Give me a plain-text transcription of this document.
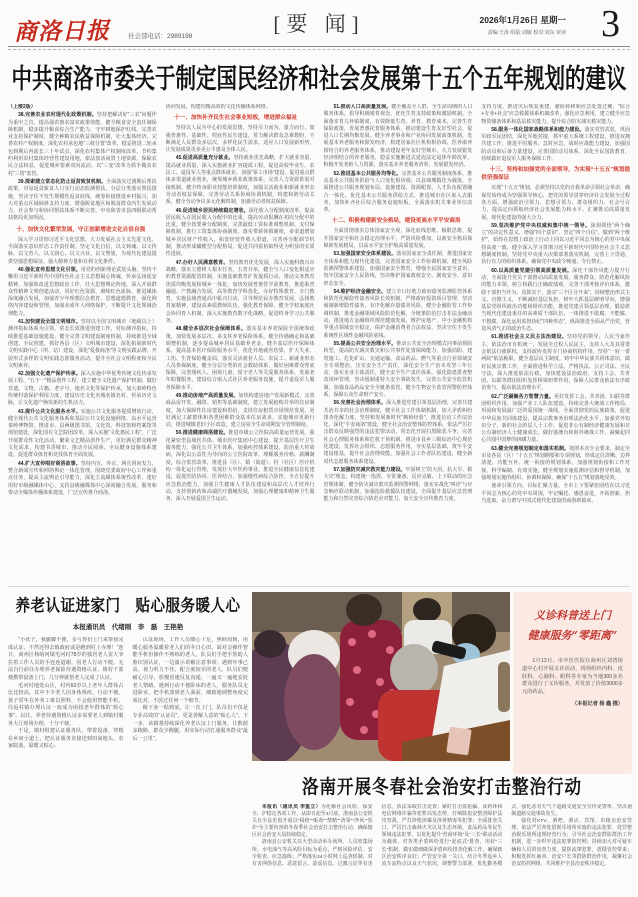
商洛日报	社会部电话：2989198
[要 闻]	2026年1月26日 星期一
责编:王涛 组版:刘敏 校对:刘东 审读 3
中共商洛市委关于制定国民经济和社会发展第十五个五年规划的建议
（上接2版）
38.完善农业农村现代化政策机制。坚持把解决好“三农”问题作为重中之首，提高强农惠农富农政策效能，健全粮食安全责任制保障机制，稳步提升粮食综合生产能力，守牢耕地保护红线。完善农业支持保护制度，健全种粮农民收益保障机制，壮大集体经济。完善农村产权制度，深化农村承包地“三权分置”改革，稳妥推进二轮承包到期后再延长三十年试点，深化农村集体产权制度改革，节约集约利用农村集体经营性建设用地，依法盘活闲置土地资源，保障农民合法权益，促进城乡要素双向流动。以“三变”改革为抓手做实农村“三资”监管。
39.探索建立常态化防止返贫致贫机制。全面落实过渡期后帮扶政策，对易返贫致贫人口实行动态监测帮扶，分层分类落实帮扶措施，坚决守住不发生规模性返贫底线，统筹衔接推进乡村振兴，加大对重点区域倾斜支持力度，增强脱贫地区和脱贫群众内生发展动力，社会参与和协同帮扶体系不断完善，中央和省市县四级联动帮扶格局更加巩固。
十、加快文化繁荣发展，守正创新增进文化自信自强
深入学习贯彻习近平文化思想，大力发展社会主义先进文化，全面落实意识形态工作责任制，坚定文化自信，以文铸魂、以文传脉、以文育人、以文润心、以文兴业、以文塑旅，为现代化建设提供坚强思想保证、强大精神力量和有利文化条件。
40.强化宣传思想文化引领。用党的创新理论武装头脑，坚持不懈用习近平新时代中国特色社会主义思想凝心铸魂，传承弘扬延安精神，加强和改进思想政治工作，壮大思想舆论阵地，深入开展群众性精神文明创建活动，用好红色资源，赓续红色血脉，推进媒体深度融合发展，加强青少年理想信念教育、思想道德教育，强化网络内容建设和管理，加强未成年人网络保护，不断提升文化领域治理能力。
41.加快建设全国文明城市。坚持以全国文明城市（地级以上）测评指标体系为引领，常态长效推进创建工作，对标测评指标，持续推进基础设施建设，健全完善文明建设制度机制，持续推进全域创建、全民创建，抓好各县（区）文明城市建设，深化拓展新时代文明实践中心（所、站）建设，深化“爱我商洛”等文明实践品牌，开展形式多样的文明实践志愿服务活动，提升全社会文明程度和全民文明素养。
42.加强文化遗产保护传承。深入实施中华优秀传统文化传承发展工程、“五个一”精品创作工程，建立健全文化遗产保护机制，做好非遗、文物、古籍、老字号、地名文化等保护传承，加大秦岭特色传统村落保护利用力度，建设历史文化名城名镇名村，传承历史文脉，让文化遗产焕发新的生机活力。
43.提升公共文化服务水平。实施公共文化服务提质增效行动，健全现代公共文化服务体系和基层公共文化设施网络，高水平运营秦岭博物馆，推进市、县两级图书馆、文化馆、科技馆和档案馆等场馆建设，深化国有文艺院团改革，深入实施“文化惠民工程”，广泛开展群众性文化活动，繁荣文艺精品创作生产，更好满足群众精神文化需求，构建书香城市，推动全民阅读、全民健身设施体系建设，促进群众体育和竞技体育全面发展。
44.扩大宣传唱好商洛故事。坚持内宣、外宣、网宣同向发力，整合新闻宣传和网络舆论一体化管理，围绕党委政府中心工作和重点任务，提高主流舆论引导能力，深化主流媒体系统性改革，建好用好市级融媒体中心，支持县级融媒体中心深度融合发展，服务和带动全媒体传播体系建设，广泛宣传推介商洛。
协同发展，构建均衡高效的文化传播体系网络。
十一、加快补齐民生社会事业短板，增进群众福祉
坚持以人民为中心的发展思想，坚持尽力而为、量力而行，加强普惠性、基础性、兜底性民生建设，着力解决群众急难愁盼，不断满足人民群众多层次、多样化民生需求，适应人口发展新形势，让发展成果更多更公平惠及全体人民。
45.促进高质量充分就业。坚持就业优先战略，扩大就业容量，提高就业质量，深入实施就业扩容提质工程，促进高校毕业生、农民工、退役军人等重点群体就业，加强“零工市场”建设，促进重点群体多渠道就业创业，统筹城乡就业政策体系，完善人力资源供需对接机制，健全终身职业技能培训制度，加强灵活就业和新就业形态劳动者权益保障，完善劳动关系协商协调机制，构建和谐劳动关系，健全劳动争议多元化解机制，加强劳动者权益保障。
46.促进城乡居民持续稳定增收。深化收入分配制度改革，提高居民收入在国民收入分配中的比重，提高劳动报酬在初次分配中的比重，健全按要素分配制度，完善最低工资标准调整机制、支付保障机制，推行工资集体协商制度，落实带薪休假制度，多渠道增加城乡居民财产性收入，拓宽经营性收入渠道，完善再分配调节机制，推动形成橄榄型分配格局，促进共同富裕取得更为明显的实质性进展。
47.办好人民满意教育。坚持教育优先发展，深入实施科教兴市战略，落实立德树人根本任务，五育并举，健全与人口变化相适应的教育资源配置机制，实施基础教育扩优提质行动，推动义务教育优质均衡发展和城乡一体化，加快发展普惠性学前教育，推进职普融通、产教融合发展，高等教育学科优化，办好特殊教育、专门教育，实施县域普通高中振兴行动，引导规范民办教育发展，弘扬教育家精神，建设高素质教师队伍，强化教育保障，健全学校家庭社会协同育人机制，深入实施教育数字化战略，促进终身学习公共服务。
48.健全多层次社会保障体系。落实基本养老保险全国统筹政策，加快发展多层次、多支柱养老保险体系，健全待遇确定和基础调整机制，逐步提高城乡居民基础养老金，健全基层医疗保障体系，提高基本医疗保险服务水平，优化异地就医结算，扩大失业、工伤、生育保险覆盖面，落实灵活就业人员、农民工、新就业形态人员参保制度，健全分层分类的社会救助体系，做好困难群众兜底保障，完善残疾人、困境儿童、留守老人等关爱服务体系，发展老年助餐服务，建设综合嵌入式社区养老服务设施，提升退役军人服务保障水平。
49.推动房地产高质量发展。加快构建房地产发展新模式，完善商品房开发、融资、销售等基础制度，建立发展租购并举的住房制度，加大保障性住房建设和供给，支持住房租赁市场规范发展，更好满足工薪群体和各类困难群众基本住房需求，实施城市更新行动，推进城镇老旧小区改造，建立房屋全生命周期安全管理制度。
50.推进健康商洛建设。推进市级公立医院高质量运营发展，强化紧密型县域医共体、城市医疗集团中心建设，提升基层医疗卫生服务能力，强化公共卫生体系，加强疾控体系建设，防治重大传染病，深化以公益性为导向的公立医院改革，理顺服务价格、薪酬制度，综合监管改革，推进县（区）、镇（街道）、村（社区）医疗机构一体化运行管理，发展壮大中医药事业，推进全民健康信息化建设，促进医防协同、医养结合，加强慢性病综合防控，全方位提升应急救治能力，加强卫生健康人才队伍建设和高层次人才培养行动，支持创新药和高端医疗器械发展，加强心理健康和精神卫生服务，深入开展爱国卫生运动。
51.推动人口高质量发展。健全覆盖全人群、全生命周期的人口服务体系，倡导积极婚育观念，优化生育支持政策和激励机制，全面落实育儿补贴制度，有效降低生育、养育、教育成本，完善生育保险政策，发展普惠托育服务体系，推动建设生育友好型社会，促进人口长期均衡发展。健全养老事业和产业协同发展政策机制，发展基本养老服务和银发经济，构建居家社区机构相协调、医养康养相结合的养老服务体系，推动建设老年友好型城市，大力发展银发经济相结合的养老服务，稳妥实施渐进式延迟法定退休年龄改革，积极开发老龄人力资源，落实基本养老服务清单，发展银发经济。
52.推进基本公共服务均等化。完善基本公共服务制度体系，推动基本公共服务供给与人口变化相协调，以县域城镇化为载体，全面推进公共服务规划布局、设施建设、资源配置、人才队伍配置融合一体化，优化基本公共服务供给方式，推进城市社区嵌入式服务，加快补齐社区综合服务设施短板，全面落实机关事业单位改革。
十二、积极构建新安全格局，建设更高水平平安商洛
全面贯彻落实总体国家安全观，深化底线思维、极限思维，提升国家安全和社会稳定治理水平，严防风险叠加，以新安全格局保障新发展格局，以高水平安全护航高质量发展。
53.加强国家安全体系建设。落实国家安全责任制，推进国家安全体系和能力现代化建设，完善国家安全工作协调机制，健全风险监测预警体系建设，加强国家安全教育，增强全民国家安全意识，筑牢国家安全人民防线，坚决维护国家政权安全、制度安全、意识形态安全。
54.维护经济金融安全。建立全口径地方政府债务监测监管体系和防范化解隐性债务风险长效机制，严格政府投资项目管理，坚决遏制新增隐性债务，有序化解存量债务风险，健全金融监管工作协调机制，推进金融领域风险防范化解，全链条防范打击非法金融活动，推进地方金融组织规范健康发展，维护房地产、中小金融机构等重点领域安全稳定，保护金融消费者合法权益，坚决守住不发生系统性区域性金融风险底线。
55.提高公共安全治理水平。推动公共安全治理模式向事前预防转型，提高防灾减灾救灾和公共事件处置保障能力，加强消防、建筑施工、危化矿山、交通运输、食品药品、燃气等重点行业领域安全专项整治，压实安全生产责任，深化安全生产治本攻坚三年行动，落实企业主体责任，健全安全生产责任体系，强化隐患排查整改闭环管理，坚决遏制重特大安全事故发生，完善公共安全监管机制，加强食品药品安全全链条监管，健全生物安全监管预警防控体系，保障公众生命财产安全。
56.完善社会治理体系。深入推进党建引领基层治理，完善共建共治共享的社会治理制度，健全社会工作体制机制，加大矛盾纠纷排查化解力度，坚持和发展新时代“枫桥经验”，推进信访工作法治化，深化“平安商洛”建设，健全社会治安整体防控体系，依法严厉打击群众反映强烈的违法犯罪活动，常态化开展扫黑除恶斗争，完善社会心理服务体系和危机干预机制，推进市县乡三级综治中心规范化建设，发挥社会组织、志愿服务作用，夯实基层基础，筑牢平安建设根基，提升社会治理效能，加强社会工作者队伍建设，健全新时代志愿服务体系建设。
57.加强防灾减灾救灾能力建设。牢固树立“防大汛、抗大旱、救大灾”理念，构建统一指挥、专常兼备、反应灵敏、上下联动的应急管理体制，健全防灾减灾救灾监测预警网络，落实实战化“叫应”与应急响应联动机制，加强抢险救援队伍建设，全面提升基层应急管理能力和自然灾害综合防范应对能力，加大安全宣传教育力度。
支持力度，推进灾后恢复重建，避险转移和应急处置过硬，“综合+专业+社会”应急救援体系机制改革，强化应急利用，建立健全应急物资储备体系和基层救灾能力，提升综合防灾减灾救灾能力。
58.服务一体化国家战略体系和能力建设。落实党管武装，巩固军政军民团结，深化军地对接，抓牢重大系统工程建设，推进双拥共建工作，推进平时服务、急时应急、战时应战能力建设，加强国防动员和后备力量建设，完善国防动员体系，深化全民国防教育，持续做好退役军人服务保障工作。
十三、坚持和加强党的全面领导，为实现“十五五”规划提供坚强保证
实现“十五五”规划，必须坚持以党的自我革命引领社会革命，确保党始终成为坚强领导核心，把党的领导贯穿经济社会发展全过程各方面，增强政治引领力、思想引领力、群众组织力、社会号召力，提高定向领航经济社会发展能力和水平，汇聚推动高质量发展、现代化建设的强大合力。
59.坚决维护党中央权威和集中统一领导。深刻领悟“两个确立”的决定性意义，增强“四个意识”、坚定“四个自信”、做到“两个维护”，始终在思想上政治上行动上同以习近平同志为核心的党中央保持高度一致，健全深入学习贯彻习近平新时代中国特色社会主义思想制度机制，坚持党中央重大决策部署落实机制，完善上下贯通、执行有力的组织体系，确保党中央政令畅通、令行禁止。
60.以高质量党建引领高质量发展。深化干部作风能力提升行动，全面提升党员干部推动高质量发展、服务群众、防范化解风险的能力本领，树立和践行正确政绩观，完善干部考核评价体系，激励干部担当作为、真抓实干，落实“三个区分开来”，持续整治形式主义、官僚主义，不断减轻基层负担，树牢大抓基层鲜明导向，增强基层党组织政治功能和组织功能，推进党建引领基层治理，锻造堪当现代化建设重任的高素质干部队伍，一体推进不敢腐、不能腐、不想腐，深化运用监督执纪“四种形态”，纵深推进全面从严治党，营造风清气正的政治生态。
61.推进社会主义民主法治建设。坚持党的领导、人民当家作主、依法治市有机统一，发展全过程人民民主，支持人大及其常委会依法行使职权，支持政协发挥专门协商机构作用，坚持“一府一委两院”依法履职，健全基层民主制度，铸牢中华民族共同体意识，做好民族宗教工作，全面推进科学立法、严格执法、公正司法、全民守法，深入推进依法行政，加快建设法治政府，支持工会、共青团、妇联等群团组织发挥桥梁纽带作用，保障人民群众依法有序政治参与，提高依法治理水平。
62.广泛凝聚各方智慧力量。更好发挥工会、共青团、妇联等群团组织作用，加强产业工人队伍建设，持续完善大统战工作格局，巩固和发展最广泛的爱国统一战线，全面贯彻党的民族政策，促进中华民族共同体建设，提高宗教事务治理法治化水平，加强党外知识分子、新的社会阶层人士工作，促进非公有制经济健康发展和非公有制经济人士健康成长，做好港澳台和海外统战工作，凝聚起同心共圆中国梦的磅礴力量。
63.健全完善规划制定和落实机制。按照本次全会要求，制定全市及各县（区）“十五五”规划纲要和专项规划，形成定位清晰、边界清楚、功能互补、统一衔接的规划体系，加强规划衔接和工作对接，科学编制、有效实施，健全规划实施监测评估和督导机制，加强规划实施的组织、协调和保障，确保“十五五”规划落地见效。
使命引领方向，目标汇聚力量。全市上下要紧密团结在以习近平同志为核心的党中央周围，牢记嘱托、感恩奋进，开拓创新、担当进取，奋力谱写中国式现代化建设的商洛新篇章。
养老认证进家门　贴心服务暖人心
本报通讯员　代绪刚　李　磊　王艳艳

“小伙子，我腿脚不便，多亏你们上门来帮我完成认证，不然还得去镇政府或是跑到村上办理！”连日，商州区杨峪河镇毛河村78岁的独居老人雷大爷拉着工作人员的手连连道谢。因老人行动不便，无法自行前往办理养老保险待遇资格认证，镇村干部便携带设备上门，几分钟就帮老人完成了认证。

毛河村地处山区，村内60岁以上老年人群体占比比较高，其中不少老人因身体残疾、行动不便，孩子常年在外务工难以照料，不会使用智能手机，往返村镇办理认证一度成为困扰老年群体的“烦心事”。以往，养老待遇资格认证多需要老人到镇村服务大厅现场办理，十分不便。

于是，镇村组建认证服务队，带着设备、穿梭在乡间小道上，把认证服务直接送到田间地头、农家院落，温暖又贴心。

认证现场，工作人员细心十足，照顾周到，用暖心服务温暖着老人们的冬日心田。面对会操作智能手机但操作不熟练的老人，队员们手把手帮助人脸识别认证，一边演示讲解注意事项；遇到年事已高、视力听力不佳、配合度较差的老人，队员们便耐心引导、放慢语速反复沟通，一遍又一遍地安抚老人情绪。遇到行动不便卧床的老人，服务队员走进卧室，把手机凑到老人面前，细致地调整角度完成比对，不放过任何一个细节。

俯下身一贴到底，让一次上门，队员们不仅是专业高效的“认证员”，更是善解人意的“贴心人”。下一步，该镇将持续深化养老认证上门服务，让数据多跑路、群众少跑腿，用实际行动打通服务群众“最后一公里”。

义诊科普送上门
健康服务“零距离”
1月13日，市中医医院在商州区刘湾街道中心村开展义诊活动，现场组织内科、皮肤科、心脑科、眼科等专家为当地300多名群众进行了义诊服务，并发放了价值3000多元的药品。
（本报记者 杨 鑫 摄）
洛南开展冬春社会治安打击整治行动

本报讯（通讯员 李重立）为化解社会风险，保安全、护稳定各项工作，从即日起至3月底，洛南县公安机关在全县范围开展以“缉枪”“贩毒”“禁赌”“清零”“净风”“惩诈”为主要内容的冬春季社会治安打击整治行动，确保辖区社会治安大局持续稳定。

洛南县公安机关以大型活动举办场所、人员密集场所、水电油气等高风险目标为重点，严格风险评估、安全检查、应急演练；严格落实24小时网上巡查机制，对有害网络信息、恶意留言、造谣信息、过激言论等有害信息，依法采取打击处置；紧盯打击盗抢骗、食药环和电信网络诈骗等犯罪高发态势，打响除患安整清障护法攻坚战，严打涉枪涉爆及涉黄赌毒等犯罪；全面排查关口，严厉打击森林火灾以及生态环境、食品药品等民生领域违法犯罪，以优化提升“营商环境”及“三长”联动活动为载体，对各类矛盾纠纷进行“起底式”排查，用好“三长”机制，做实做细做深矛盾纠纷排查化解工作，确保辖区治安秩序良好；严管安全第一关口，结合冬季返乡人流车流特点以及天气状况，调整警力部署，优化勤务模式，强化恶劣天气下道路交通安全宣传见警率，坚决遏制道路交通事故发生。

强化对KTV、酒吧、酒店、宾馆、出租房治安管理，依法严厉查处借娱乐场所实施的违法犯罪，处罚整治娱乐场所违规经营行为；引导社会治安群防群治工作机制，进一步织牢违法犯罪防控网；持续加大对可疑车辆和人员的盘查力度，提防流窜犯罪，震慑管控带来；积极发挥红袖章、治安户长等群防群治作用，凝聚社会治安防控网络，共同维护全县治安秩序稳定。
